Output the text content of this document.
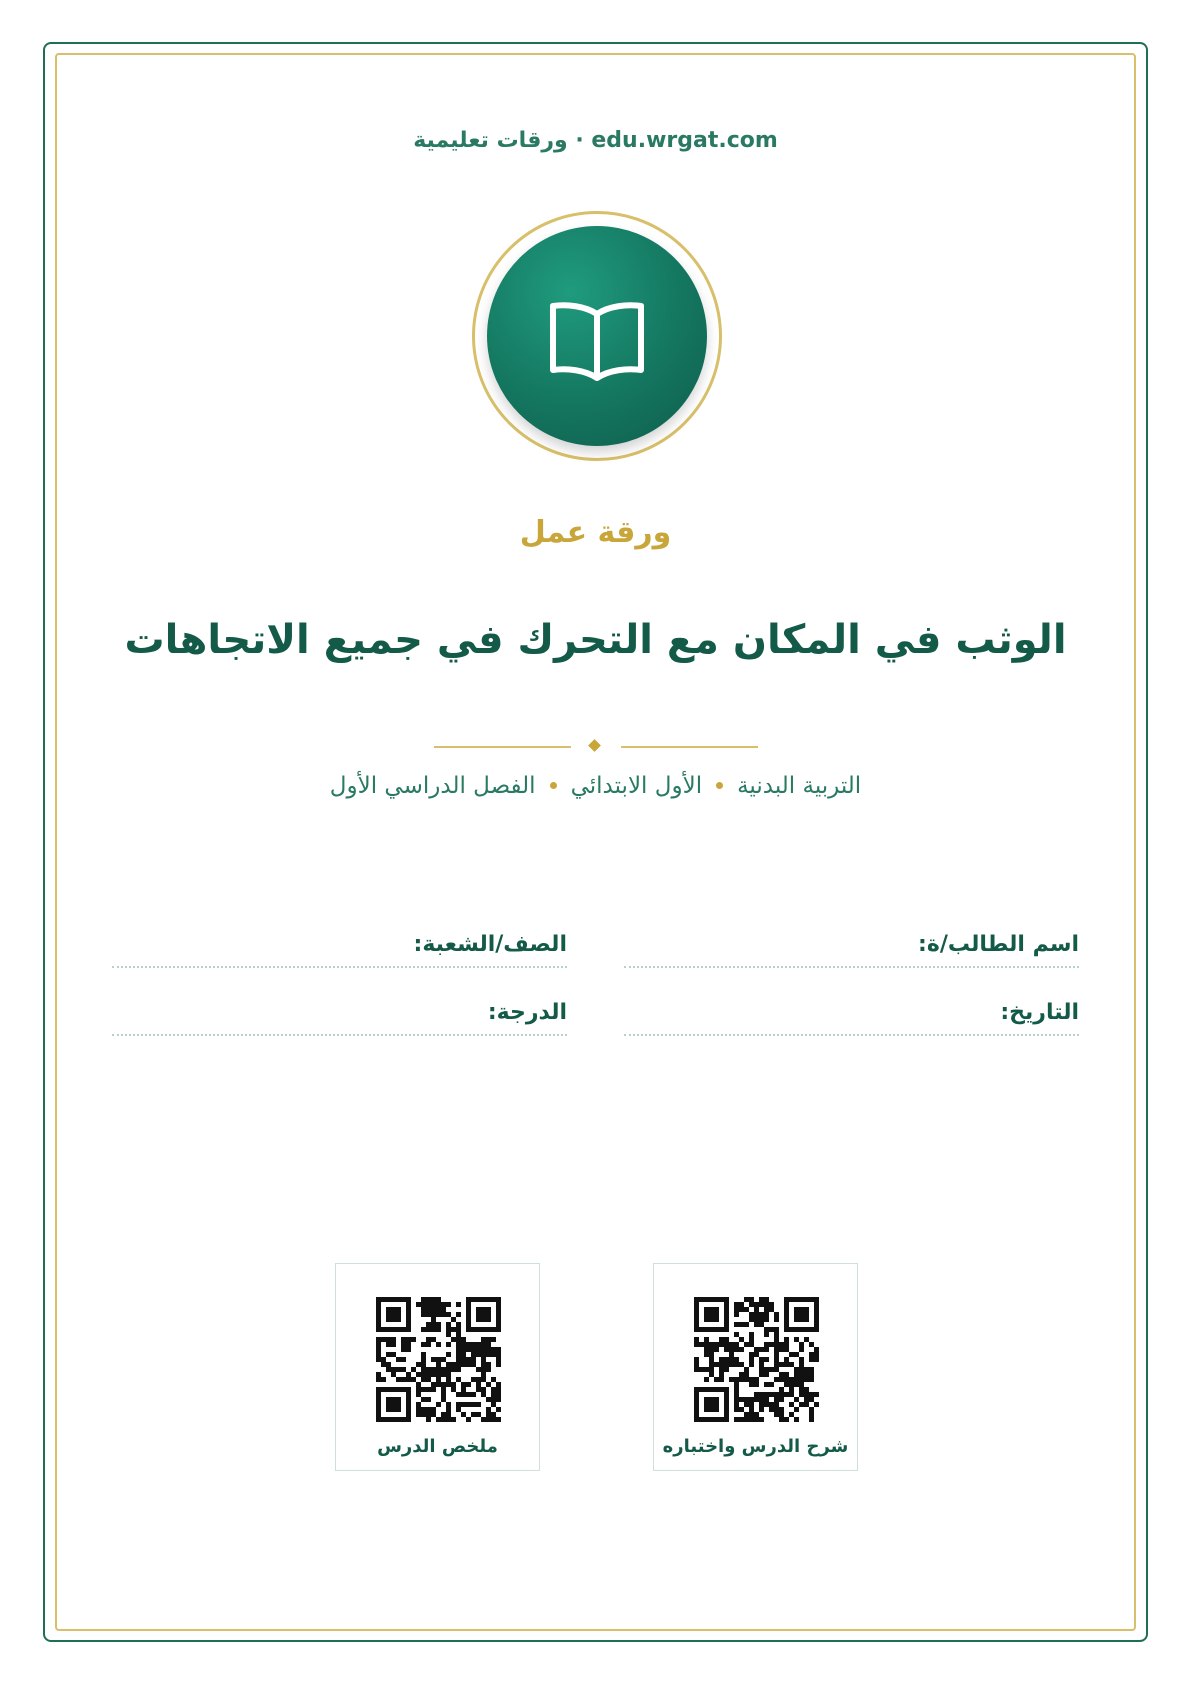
edu.wrgat.com · ورقات تعليمية
ورقة عمل
الوثب في المكان مع التحرك في جميع الاتجاهات
التربية البدنيةالأول الابتدائيالفصل الدراسي الأول
اسم الطالب/ة:
الصف/الشعبة:
التاريخ:
الدرجة:
شرح الدرس واختباره
ملخص الدرس
